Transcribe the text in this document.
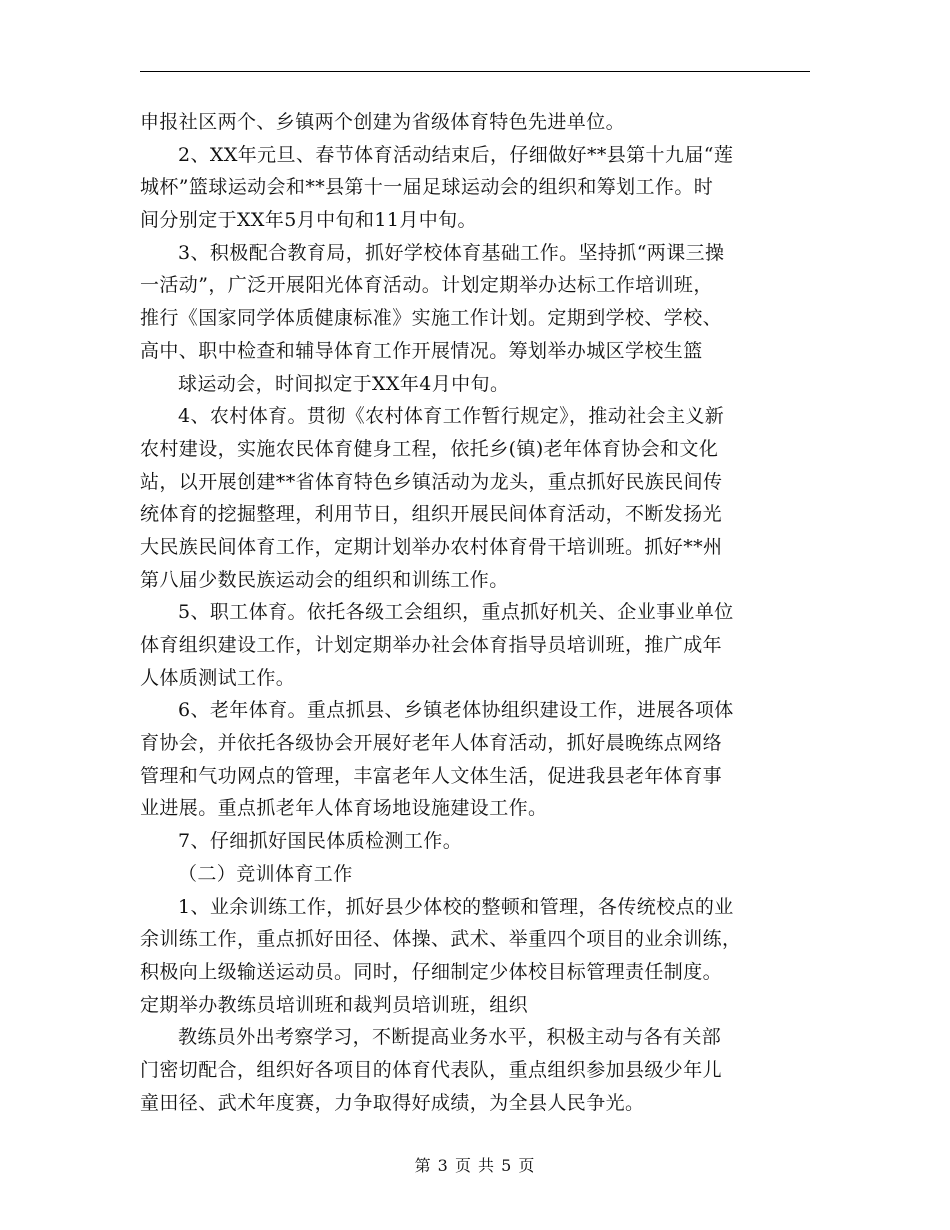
申报社区两个、乡镇两个创建为省级体育特色先进单位。
2、XX年元旦、春节体育活动结束后，仔细做好**县第十九届“莲
城杯”篮球运动会和**县第十一届足球运动会的组织和筹划工作。时
间分别定于XX年5月中旬和11月中旬。
3、积极配合教育局，抓好学校体育基础工作。坚持抓“两课三操
一活动”，广泛开展阳光体育活动。计划定期举办达标工作培训班，
推行《国家同学体质健康标准》实施工作计划。定期到学校、学校、
高中、职中检查和辅导体育工作开展情况。筹划举办城区学校生篮
球运动会，时间拟定于XX年4月中旬。
4、农村体育。贯彻《农村体育工作暂行规定》，推动社会主义新
农村建设，实施农民体育健身工程，依托乡(镇)老年体育协会和文化
站，以开展创建**省体育特色乡镇活动为龙头，重点抓好民族民间传
统体育的挖掘整理，利用节日，组织开展民间体育活动，不断发扬光
大民族民间体育工作，定期计划举办农村体育骨干培训班。抓好**州
第八届少数民族运动会的组织和训练工作。
5、职工体育。依托各级工会组织，重点抓好机关、企业事业单位
体育组织建设工作，计划定期举办社会体育指导员培训班，推广成年
人体质测试工作。
6、老年体育。重点抓县、乡镇老体协组织建设工作，进展各项体
育协会，并依托各级协会开展好老年人体育活动，抓好晨晚练点网络
管理和气功网点的管理，丰富老年人文体生活，促进我县老年体育事
业进展。重点抓老年人体育场地设施建设工作。
7、仔细抓好国民体质检测工作。
（二）竞训体育工作
1、业余训练工作，抓好县少体校的整顿和管理，各传统校点的业
余训练工作，重点抓好田径、体操、武术、举重四个项目的业余训练，
积极向上级输送运动员。同时，仔细制定少体校目标管理责任制度。
定期举办教练员培训班和裁判员培训班，组织
教练员外出考察学习，不断提高业务水平，积极主动与各有关部
门密切配合，组织好各项目的体育代表队，重点组织参加县级少年儿
童田径、武术年度赛，力争取得好成绩，为全县人民争光。
第 3 页 共 5 页
